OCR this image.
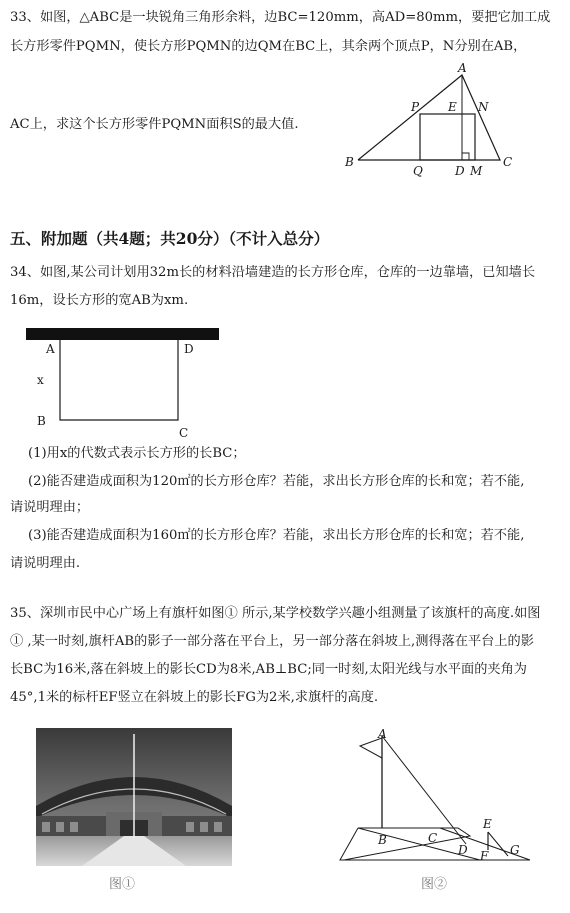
33、如图，△ABC是一块锐角三角形余料，边BC=120mm，高AD=80mm，要把它加工成
长方形零件PQMN，使长方形PQMN的边QM在BC上，其余两个顶点P，N分别在AB，
AC上，求这个长方形零件PQMN面积S的最大值.
A
B	C
P E N
Q	D M
五、附加题（共4题；共20分）（不计入总分）
34、如图,某公司计划用32m长的材料沿墙建造的长方形仓库，仓库的一边靠墙，已知墙长
16m，设长方形的宽AB为xm.
A	D
x
B
C
(1)用x的代数式表示长方形的长BC；
(2)能否建造成面积为120㎡的长方形仓库？若能，求出长方形仓库的长和宽；若不能,
请说明理由；
(3)能否建造成面积为160㎡的长方形仓库？若能，求出长方形仓库的长和宽；若不能,
请说明理由.
35、深圳市民中心广场上有旗杆如图① 所示,某学校数学兴趣小组测量了该旗杆的高度.如图
① ,某一时刻,旗杆AB的影子一部分落在平台上，另一部分落在斜坡上,测得落在平台上的影
长BC为16米,落在斜坡上的影长CD为8米,AB⊥BC;同一时刻,太阳光线与水平面的夹角为
45°,1米的标杆EF竖立在斜坡上的影长FG为2米,求旗杆的高度.
图①
A
B	C
D
E
F G
图②
